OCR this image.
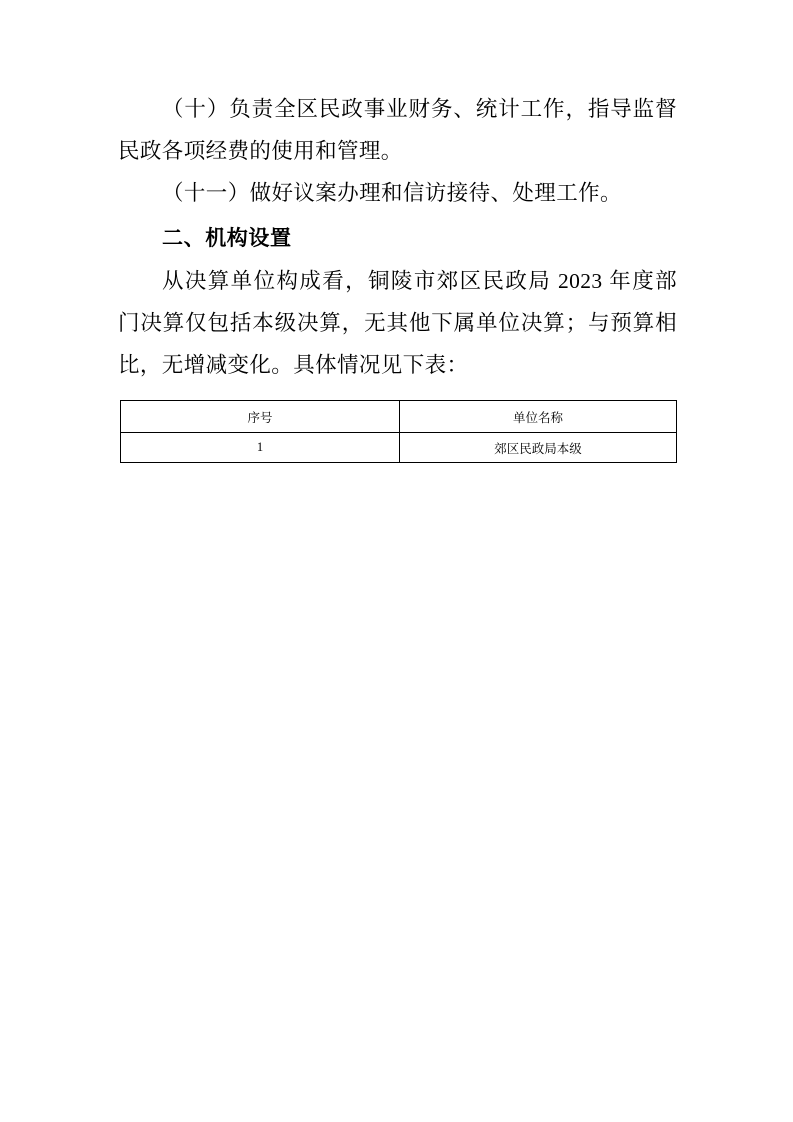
（十）负责全区民政事业财务、统计工作，指导监督民政各项经费的使用和管理。

（十一）做好议案办理和信访接待、处理工作。

二、机构设置

从决算单位构成看，铜陵市郊区民政局 2023 年度部门决算仅包括本级决算，无其他下属单位决算；与预算相比，无增减变化。具体情况见下表：

序号	单位名称
1	郊区民政局本级
